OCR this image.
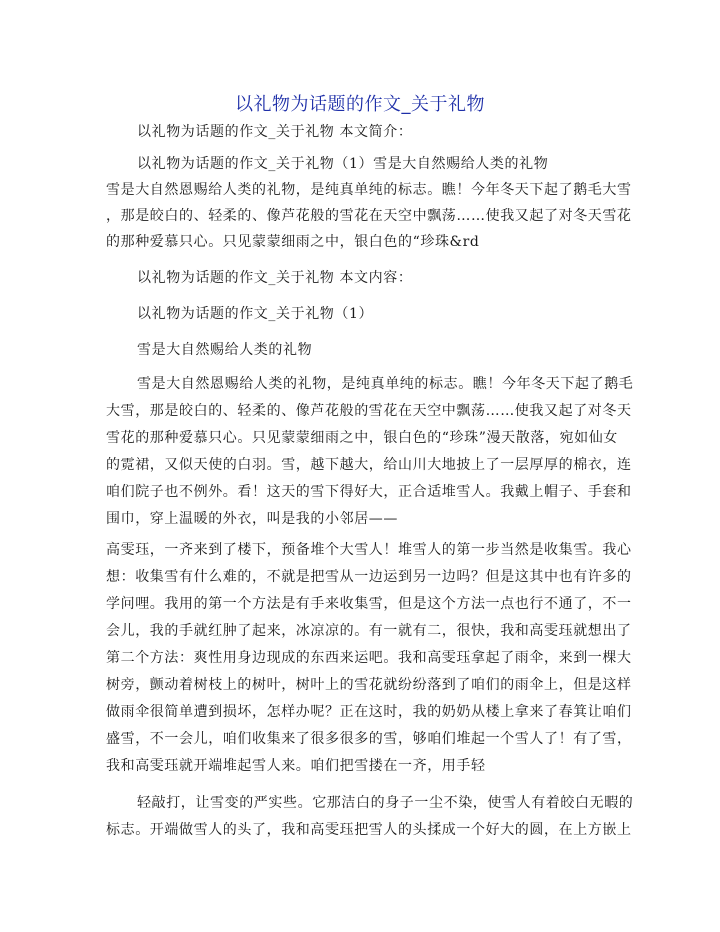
以礼物为话题的作文_关于礼物
以礼物为话题的作文_关于礼物 本文简介：
以礼物为话题的作文_关于礼物（1）雪是大自然赐给人类的礼物
雪是大自然恩赐给人类的礼物，是纯真单纯的标志。瞧！今年冬天下起了鹅毛大雪
，那是皎白的、轻柔的、像芦花般的雪花在天空中飘荡……使我又起了对冬天雪花
的那种爱慕只心。只见蒙蒙细雨之中，银白色的“珍珠&rd
以礼物为话题的作文_关于礼物 本文内容：
以礼物为话题的作文_关于礼物（1）
雪是大自然赐给人类的礼物
雪是大自然恩赐给人类的礼物，是纯真单纯的标志。瞧！今年冬天下起了鹅毛
大雪，那是皎白的、轻柔的、像芦花般的雪花在天空中飘荡……使我又起了对冬天
雪花的那种爱慕只心。只见蒙蒙细雨之中，银白色的“珍珠”漫天散落，宛如仙女
的霓裙，又似天使的白羽。雪，越下越大，给山川大地披上了一层厚厚的棉衣，连
咱们院子也不例外。看！这天的雪下得好大，正合适堆雪人。我戴上帽子、手套和
围巾，穿上温暖的外衣，叫是我的小邻居——
高雯珏，一齐来到了楼下，预备堆个大雪人！堆雪人的第一步当然是收集雪。我心
想：收集雪有什么难的，不就是把雪从一边运到另一边吗？但是这其中也有许多的
学问哩。我用的第一个方法是有手来收集雪，但是这个方法一点也行不通了，不一
会儿，我的手就红肿了起来，冰凉凉的。有一就有二，很快，我和高雯珏就想出了
第二个方法：爽性用身边现成的东西来运吧。我和高雯珏拿起了雨伞，来到一棵大
树旁，颤动着树枝上的树叶，树叶上的雪花就纷纷落到了咱们的雨伞上，但是这样
做雨伞很简单遭到损坏，怎样办呢？正在这时，我的奶奶从楼上拿来了春箕让咱们
盛雪，不一会儿，咱们收集来了很多很多的雪，够咱们堆起一个雪人了！有了雪，
我和高雯珏就开端堆起雪人来。咱们把雪搂在一齐，用手轻
轻敲打，让雪变的严实些。它那洁白的身子一尘不染，使雪人有着皎白无暇的
标志。开端做雪人的头了，我和高雯珏把雪人的头揉成一个好大的圆，在上方嵌上
